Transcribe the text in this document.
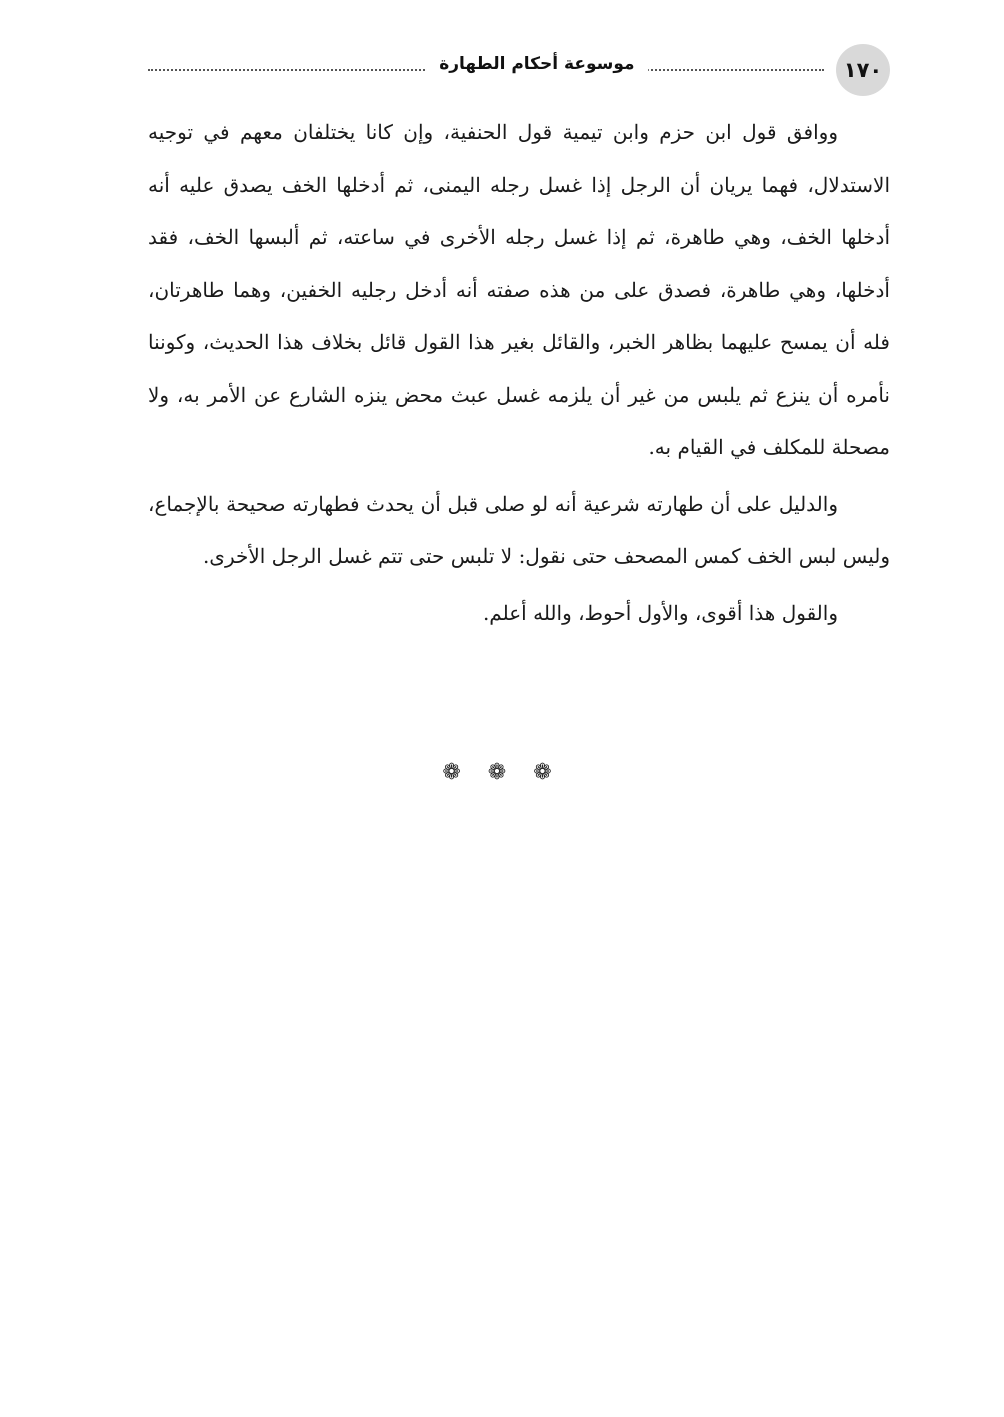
١٧٠
موسوعة أحكام الطهارة

ووافق قول ابن حزم وابن تيمية قول الحنفية، وإن كانا يختلفان معهم في توجيه الاستدلال، فهما يريان أن الرجل إذا غسل رجله اليمنى، ثم أدخلها الخف يصدق عليه أنه أدخلها الخف، وهي طاهرة، ثم إذا غسل رجله الأخرى في ساعته، ثم ألبسها الخف، فقد أدخلها، وهي طاهرة، فصدق على من هذه صفته أنه أدخل رجليه الخفين، وهما طاهرتان، فله أن يمسح عليهما بظاهر الخبر، والقائل بغير هذا القول قائل بخلاف هذا الحديث، وكوننا نأمره أن ينزع ثم يلبس من غير أن يلزمه غسل عبث محض ينزه الشارع عن الأمر به، ولا مصحلة للمكلف في القيام به.

والدليل على أن طهارته شرعية أنه لو صلى قبل أن يحدث فطهارته صحيحة بالإجماع، وليس لبس الخف كمس المصحف حتى نقول: لا تلبس حتى تتم غسل الرجل الأخرى.

والقول هذا أقوى، والأول أحوط، والله أعلم.

❁ ❁ ❁
